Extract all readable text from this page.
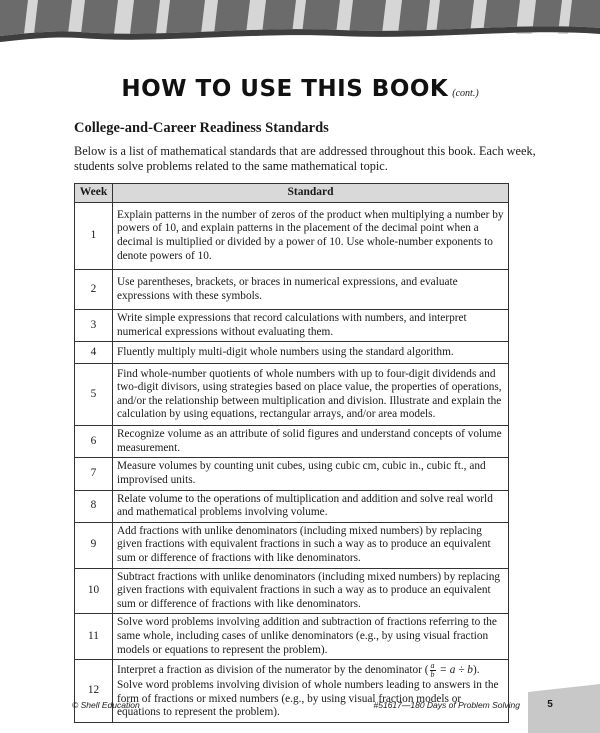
HOW TO USE THIS BOOK (cont.)
College-and-Career Readiness Standards

Below is a list of mathematical standards that are addressed throughout this book. Each week, students solve problems related to the same mathematical topic.

Week	Standard
1	Explain patterns in the number of zeros of the product when multiplying a number by powers of 10, and explain patterns in the placement of the decimal point when a decimal is multiplied or divided by a power of 10. Use whole-number exponents to denote powers of 10.
2	Use parentheses, brackets, or braces in numerical expressions, and evaluate expressions with these symbols.
3	Write simple expressions that record calculations with numbers, and interpret numerical expressions without evaluating them.
4	Fluently multiply multi-digit whole numbers using the standard algorithm.
5	Find whole-number quotients of whole numbers with up to four-digit dividends and two-digit divisors, using strategies based on place value, the properties of operations, and/or the relationship between multiplication and division. Illustrate and explain the calculation by using equations, rectangular arrays, and/or area models.
6	Recognize volume as an attribute of solid figures and understand concepts of volume measurement.
7	Measure volumes by counting unit cubes, using cubic cm, cubic in., cubic ft., and improvised units.
8	Relate volume to the operations of multiplication and addition and solve real world and mathematical problems involving volume.
9	Add fractions with unlike denominators (including mixed numbers) by replacing given fractions with equivalent fractions in such a way as to produce an equivalent sum or difference of fractions with like denominators.
10	Subtract fractions with unlike denominators (including mixed numbers) by replacing given fractions with equivalent fractions in such a way as to produce an equivalent sum or difference of fractions with like denominators.
11	Solve word problems involving addition and subtraction of fractions referring to the same whole, including cases of unlike denominators (e.g., by using visual fraction models or equations to represent the problem).
12	Interpret a fraction as division of the numerator by the denominator ( $\frac{a}{b} = a \div b$). Solve word problems involving division of whole numbers leading to answers in the form of fractions or mixed numbers (e.g., by using visual fraction models or equations to represent the problem).
© Shell Education	#51617—180 Days of Problem Solving	5
